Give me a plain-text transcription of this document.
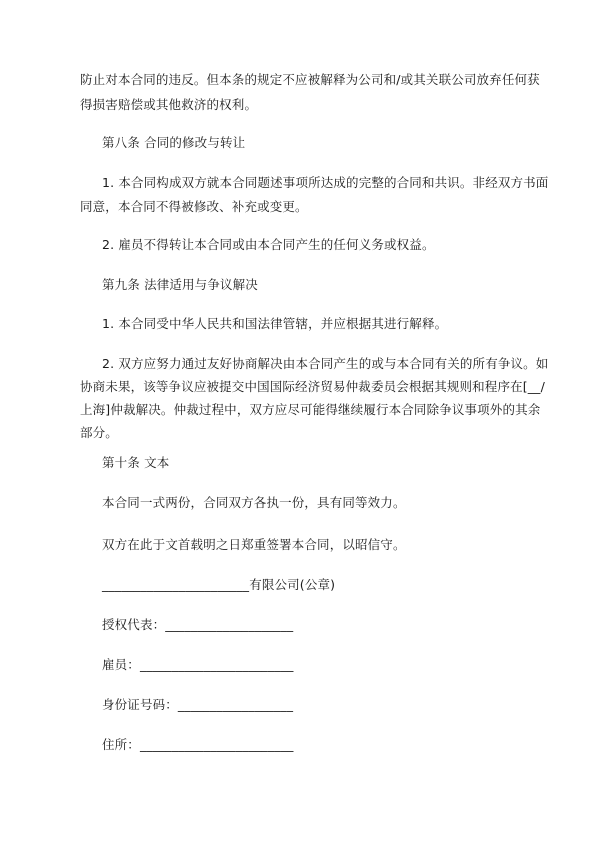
防止对本合同的违反。但本条的规定不应被解释为公司和/或其关联公司放弃任何获
得损害赔偿或其他救济的权利。
第八条 合同的修改与转让
1. 本合同构成双方就本合同题述事项所达成的完整的合同和共识。非经双方书面
同意，本合同不得被修改、补充或变更。
2. 雇员不得转让本合同或由本合同产生的任何义务或权益。
第九条 法律适用与争议解决
1. 本合同受中华人民共和国法律管辖，并应根据其进行解释。
2. 双方应努力通过友好协商解决由本合同产生的或与本合同有关的所有争议。如
协商未果，该等争议应被提交中国国际经济贸易仲裁委员会根据其规则和程序在[__/
上海]仲裁解决。仲裁过程中，双方应尽可能得继续履行本合同除争议事项外的其余
部分。
第十条 文本
本合同一式两份，合同双方各执一份，具有同等效力。
双方在此于文首载明之日郑重签署本合同，以昭信守。
_______________________有限公司(公章)
授权代表：____________________
雇员：________________________
身份证号码：__________________
住所：________________________
